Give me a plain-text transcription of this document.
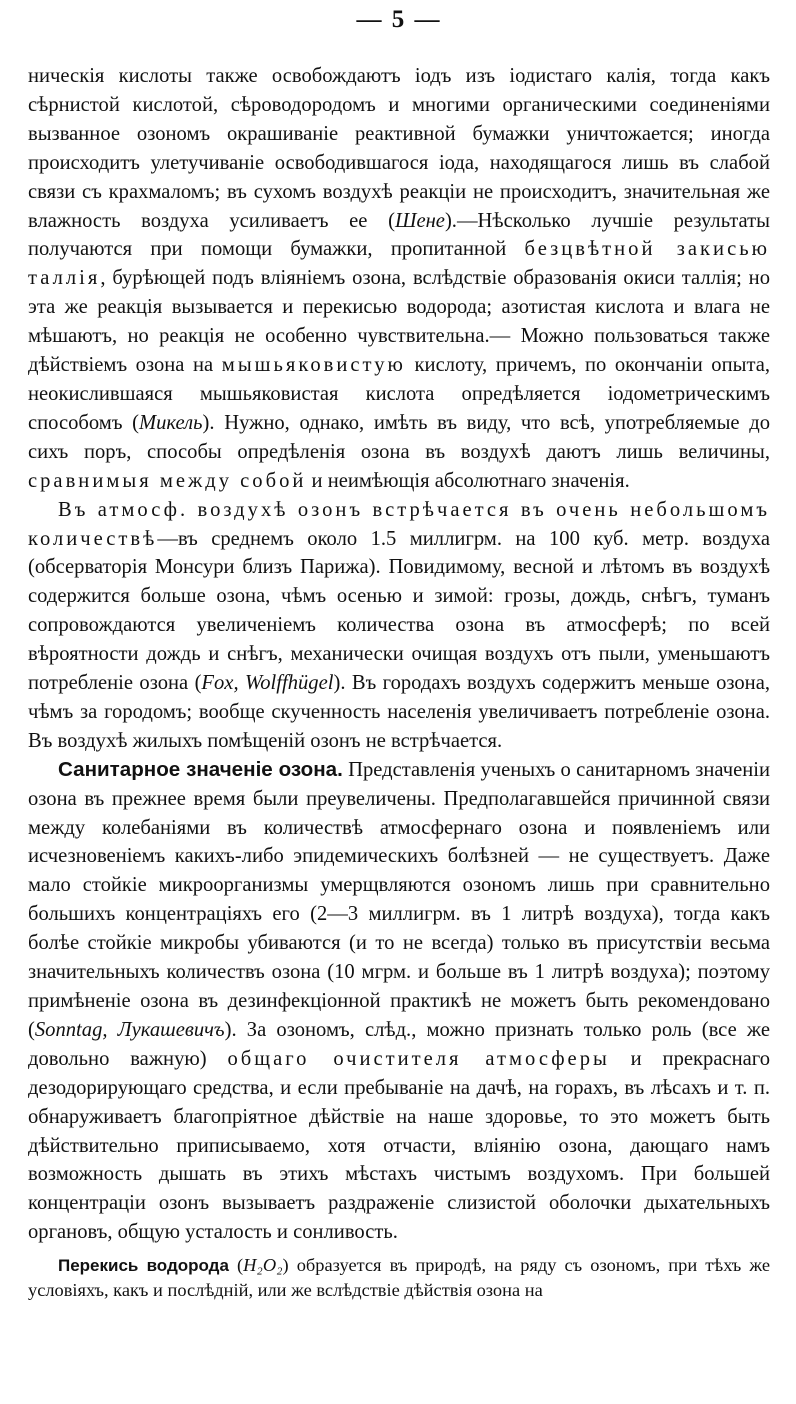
— 5 —

ническія кислоты также освобождаютъ іодъ изъ іодистаго калія, тогда какъ сѣрнистой кислотой, сѣроводородомъ и многими органическими соединеніями вызванное озономъ окрашиваніе реактивной бумажки уничтожается; иногда происходитъ улетучиваніе освободившагося іода, находящагося лишь въ слабой связи съ крахмаломъ; въ сухомъ воздухѣ реакціи не происходитъ, значительная же влажность воздуха усиливаетъ ее (Шене).—Нѣсколько лучшіе результаты получаются при помощи бумажки, пропитанной безцвѣтной закисью таллія, бурѣющей подъ вліяніемъ озона, вслѣдствіе образованія окиси таллія; но эта же реакція вызывается и перекисью водорода; азотистая кислота и влага не мѣшаютъ, но реакція не особенно чувствительна.— Можно пользоваться также дѣйствіемъ озона на мышьяковистую кислоту, причемъ, по окончаніи опыта, неокислившаяся мышьяковистая кислота опредѣляется іодометрическимъ способомъ (Микель). Нужно, однако, имѣть въ виду, что всѣ, употребляемые до сихъ поръ, способы опредѣленія озона въ воздухѣ даютъ лишь величины, сравнимыя между собой и неимѣющія абсолютнаго значенія.

Въ атмосф. воздухѣ озонъ встрѣчается въ очень небольшомъ количествѣ—въ среднемъ около 1.5 миллигрм. на 100 куб. метр. воздуха (обсерваторія Монсури близъ Парижа). Повидимому, весной и лѣтомъ въ воздухѣ содержится больше озона, чѣмъ осенью и зимой: грозы, дождь, снѣгъ, туманъ сопровождаются увеличеніемъ количества озона въ атмосферѣ; по всей вѣроятности дождь и снѣгъ, механически очищая воздухъ отъ пыли, уменьшаютъ потребленіе озона (Fox, Wolffhügel). Въ городахъ воздухъ содержитъ меньше озона, чѣмъ за городомъ; вообще скученность населенія увеличиваетъ потребленіе озона. Въ воздухѣ жилыхъ помѣщеній озонъ не встрѣчается.

Санитарное значеніе озона. Представленія ученыхъ о санитарномъ значеніи озона въ прежнее время были преувеличены. Предполагавшейся причинной связи между колебаніями въ количествѣ атмосфернаго озона и появленіемъ или исчезновеніемъ какихъ-либо эпидемическихъ болѣзней — не существуетъ. Даже мало стойкіе микроорганизмы умерщвляются озономъ лишь при сравнительно большихъ концентраціяхъ его (2—3 миллигрм. въ 1 литрѣ воздуха), тогда какъ болѣе стойкіе микробы убиваются (и то не всегда) только въ присутствіи весьма значительныхъ количествъ озона (10 мгрм. и больше въ 1 литрѣ воздуха); поэтому примѣненіе озона въ дезинфекціонной практикѣ не можетъ быть рекомендовано (Sonntag, Лукашевичъ). За озономъ, слѣд., можно признать только роль (все же довольно важную) общаго очистителя атмосферы и прекраснаго дезодорирующаго средства, и если пребываніе на дачѣ, на горахъ, въ лѣсахъ и т. п. обнаруживаетъ благопріятное дѣйствіе на наше здоровье, то это можетъ быть дѣйствительно приписываемо, хотя отчасти, вліянію озона, дающаго намъ возможность дышать въ этихъ мѣстахъ чистымъ воздухомъ. При большей концентраціи озонъ вызываетъ раздраженіе слизистой оболочки дыхательныхъ органовъ, общую усталость и сонливость.

Перекись водорода (H₂O₂) образуется въ природѣ, на ряду съ озономъ, при тѣхъ же условіяхъ, какъ и послѣдній, или же вслѣдствіе дѣйствія озона на
